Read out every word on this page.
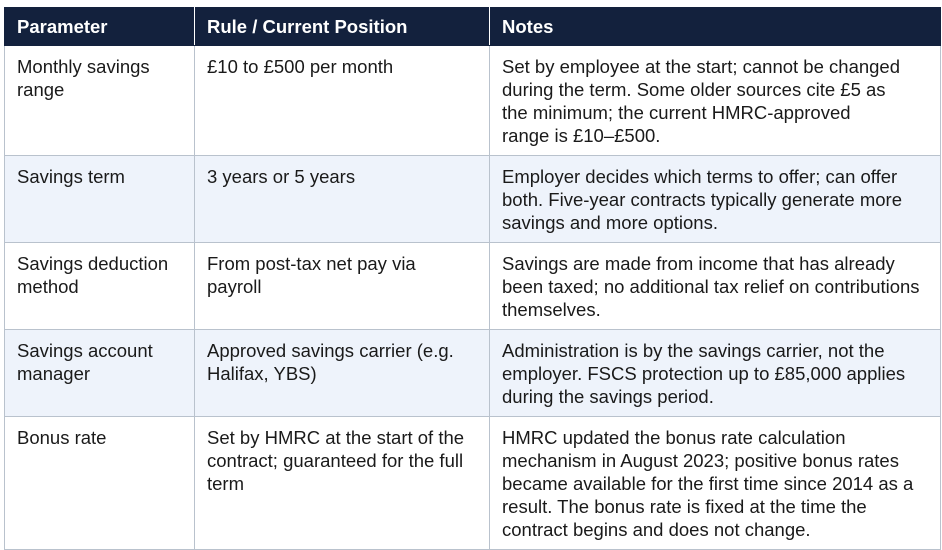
Parameter	Rule / Current Position	Notes
Monthly savings range	£10 to £500 per month	Set by employee at the start; cannot be changed during the term. Some older sources cite £5 as the minimum; the current HMRC-approved range is £10–£500.
Savings term	3 years or 5 years	Employer decides which terms to offer; can offer both. Five-year contracts typically generate more savings and more options.
Savings deduction method	From post-tax net pay via payroll	Savings are made from income that has already been taxed; no additional tax relief on contributions themselves.
Savings account manager	Approved savings carrier (e.g. Halifax, YBS)	Administration is by the savings carrier, not the employer. FSCS protection up to £85,000 applies during the savings period.
Bonus rate	Set by HMRC at the start of the contract; guaranteed for the full term	HMRC updated the bonus rate calculation mechanism in August 2023; positive bonus rates became available for the first time since 2014 as a result. The bonus rate is fixed at the time the contract begins and does not change.
